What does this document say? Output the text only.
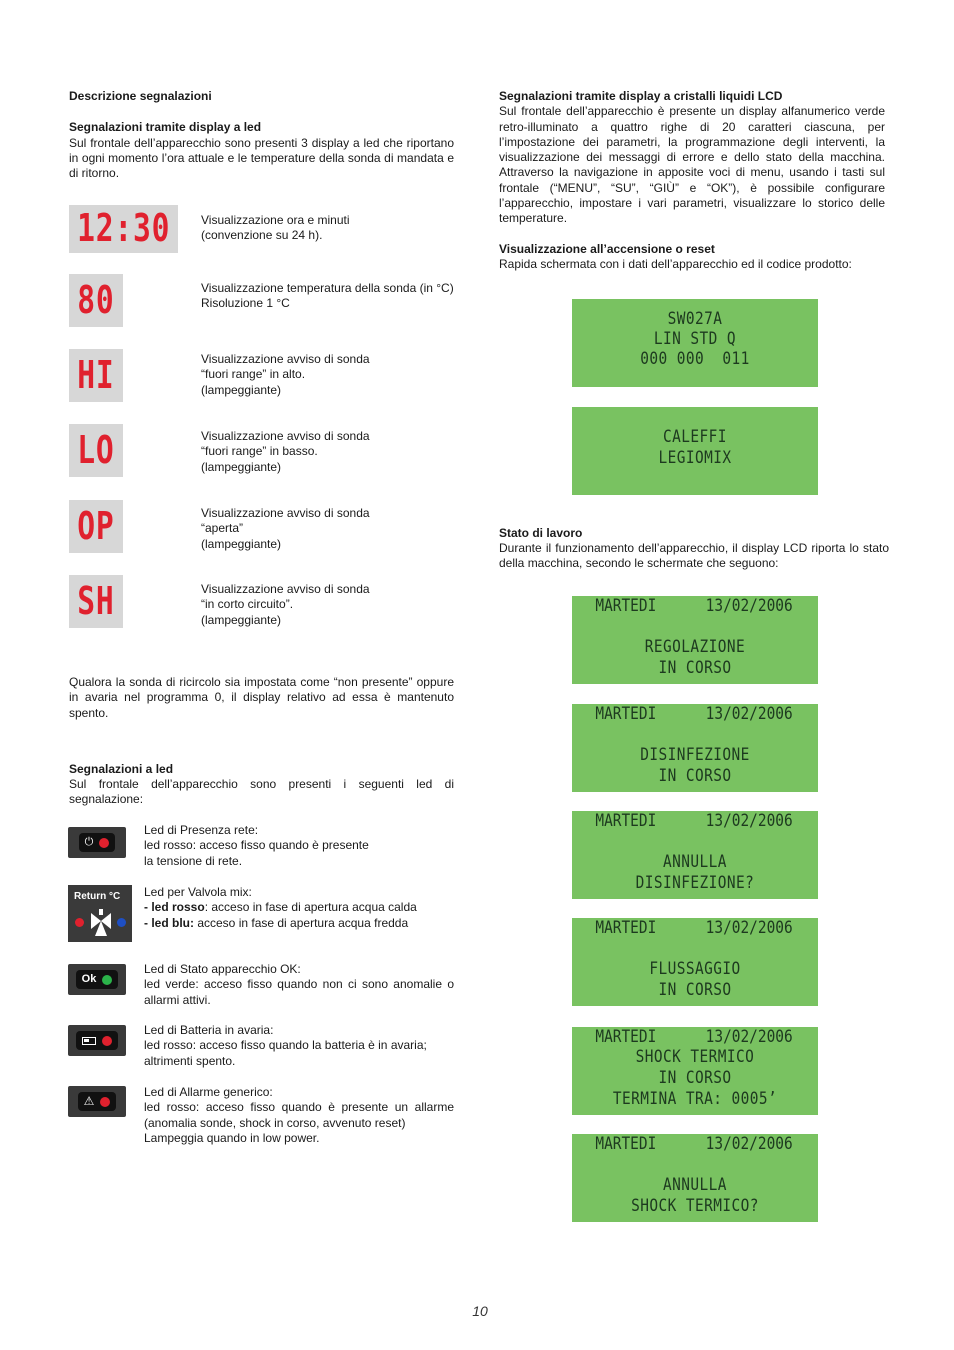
Descrizione segnalazioni
Segnalazioni tramite display a led

Sul frontale dell’apparecchio sono presenti 3 display a led che riportano in ogni momento l’ora attuale e le temperature della sonda di mandata e di ritorno.

12:30	Visualizzazione ora e minuti
(convenzione su 24 h).
80	Visualizzazione temperatura della sonda (in °C)
Risoluzione 1 °C
HI	Visualizzazione avviso di sonda
“fuori range” in alto.
(lampeggiante)
LO	Visualizzazione avviso di sonda
“fuori range” in basso.
(lampeggiante)
OP	Visualizzazione avviso di sonda
“aperta”
(lampeggiante)
SH	Visualizzazione avviso di sonda
“in corto circuito”.
(lampeggiante)

Qualora la sonda di ricircolo sia impostata come “non presente” oppure in avaria nel programma 0, il display relativo ad essa è mantenuto spento.

Segnalazioni a led

Sul frontale dell’apparecchio sono presenti i seguenti led di segnalazione:

⏻
Led di Presenza rete:
led rosso: acceso fisso quando è presente
la tensione di rete.
Return °C Led per Valvola mix:
- led rosso: acceso in fase di apertura acqua calda
- led blu: acceso in fase di apertura acqua fredda
Ok
Led di Stato apparecchio OK:
led verde: acceso fisso quando non ci sono anomalie o allarmi attivi.
Led di Batteria in avaria:
led rosso: acceso fisso quando la batteria è in avaria; altrimenti spento.
⚠
Led di Allarme generico:
led rosso: acceso fisso quando è presente un allarme (anomalia sonde, shock in corso, avvenuto reset)
Lampeggia quando in low power.
Segnalazioni tramite display a cristalli liquidi LCD

Sul frontale dell’apparecchio è presente un display alfanumerico verde retro-illuminato a quattro righe di 20 caratteri ciascuna, per l’impostazione dei parametri, la programmazione degli interventi, la visualizzazione dei messaggi di errore e dello stato della macchina. Attraverso la navigazione in apposite voci di menu, usando i tasti sul frontale (“MENU”, “SU”, “GIÙ” e “OK”), è possibile configurare l’apparecchio, impostare i vari parametri, visualizzare lo storico delle temperature.

Visualizzazione all’accensione o reset

Rapida schermata con i dati dell’apparecchio ed il codice prodotto:

SW027A
LIN STD Q
000 000  011
CALEFFI
LEGIOMIX
Stato di lavoro

Durante il funzionamento dell’apparecchio, il display LCD riporta lo stato della macchina, secondo le schermate che seguono:

MARTEDI	13/02/2006
REGOLAZIONE
IN CORSO
MARTEDI	13/02/2006
DISINFEZIONE
IN CORSO
MARTEDI	13/02/2006
ANNULLA
DISINFEZIONE?
MARTEDI	13/02/2006
FLUSSAGGIO
IN CORSO
MARTEDI	13/02/2006
SHOCK TERMICO
IN CORSO
TERMINA TRA: 0005’
MARTEDI	13/02/2006
ANNULLA
SHOCK TERMICO?
10
